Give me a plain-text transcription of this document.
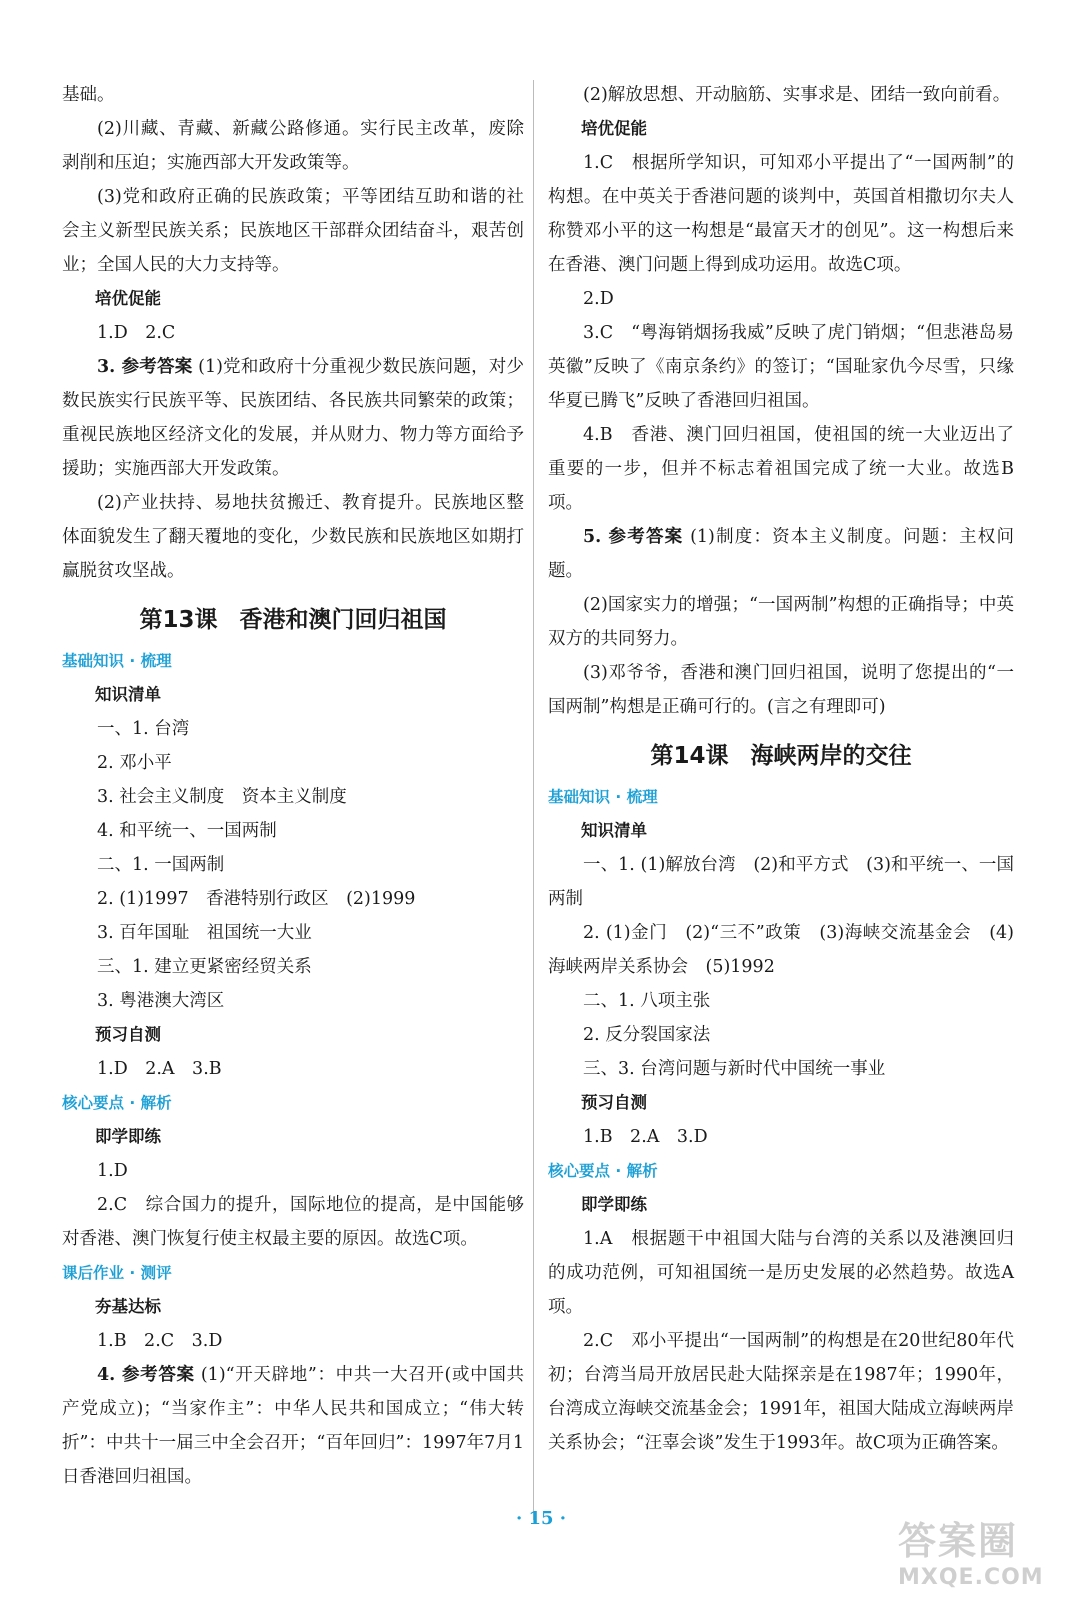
基础。

(2)川藏、青藏、新藏公路修通。实行民主改革，废除剥削和压迫；实施西部大开发政策等。

(3)党和政府正确的民族政策；平等团结互助和谐的社会主义新型民族关系；民族地区干部群众团结奋斗，艰苦创业；全国人民的大力支持等。

培优促能

1.D　2.C

3. 参考答案 (1)党和政府十分重视少数民族问题，对少数民族实行民族平等、民族团结、各民族共同繁荣的政策；重视民族地区经济文化的发展，并从财力、物力等方面给予援助；实施西部大开发政策。

(2)产业扶持、易地扶贫搬迁、教育提升。民族地区整体面貌发生了翻天覆地的变化，少数民族和民族地区如期打赢脱贫攻坚战。

第13课 香港和澳门回归祖国

基础知识 · 梳理

知识清单

一、1. 台湾

2. 邓小平

3. 社会主义制度　资本主义制度

4. 和平统一、一国两制

二、1. 一国两制

2. (1)1997　香港特别行政区　(2)1999

3. 百年国耻　祖国统一大业

三、1. 建立更紧密经贸关系

3. 粤港澳大湾区

预习自测

1.D　2.A　3.B

核心要点 · 解析

即学即练

1.D

2.C　综合国力的提升，国际地位的提高，是中国能够对香港、澳门恢复行使主权最主要的原因。故选C项。

课后作业 · 测评

夯基达标

1.B　2.C　3.D

4. 参考答案 (1)“开天辟地”：中共一大召开(或中国共产党成立)；“当家作主”：中华人民共和国成立；“伟大转折”：中共十一届三中全会召开；“百年回归”：1997年7月1日香港回归祖国。

(2)解放思想、开动脑筋、实事求是、团结一致向前看。

培优促能

1.C　根据所学知识，可知邓小平提出了“一国两制”的构想。在中英关于香港问题的谈判中，英国首相撒切尔夫人称赞邓小平的这一构想是“最富天才的创见”。这一构想后来在香港、澳门问题上得到成功运用。故选C项。

2.D

3.C　“粤海销烟扬我威”反映了虎门销烟；“但悲港岛易英徽”反映了《南京条约》的签订；“国耻家仇今尽雪，只缘华夏已腾飞”反映了香港回归祖国。

4.B　香港、澳门回归祖国，使祖国的统一大业迈出了重要的一步，但并不标志着祖国完成了统一大业。故选B项。

5. 参考答案 (1)制度：资本主义制度。问题：主权问题。

(2)国家实力的增强；“一国两制”构想的正确指导；中英双方的共同努力。

(3)邓爷爷，香港和澳门回归祖国，说明了您提出的“一国两制”构想是正确可行的。(言之有理即可)

第14课 海峡两岸的交往

基础知识 · 梳理

知识清单

一、1. (1)解放台湾　(2)和平方式　(3)和平统一、一国两制

2. (1)金门　(2)“三不”政策　(3)海峡交流基金会　(4)海峡两岸关系协会　(5)1992

二、1. 八项主张

2. 反分裂国家法

三、3. 台湾问题与新时代中国统一事业

预习自测

1.B　2.A　3.D

核心要点 · 解析

即学即练

1.A　根据题干中祖国大陆与台湾的关系以及港澳回归的成功范例，可知祖国统一是历史发展的必然趋势。故选A项。

2.C　邓小平提出“一国两制”的构想是在20世纪80年代初；台湾当局开放居民赴大陆探亲是在1987年；1990年，台湾成立海峡交流基金会；1991年，祖国大陆成立海峡两岸关系协会；“汪辜会谈”发生于1993年。故C项为正确答案。

· 15 ·
答案圈
MXQE.COM
